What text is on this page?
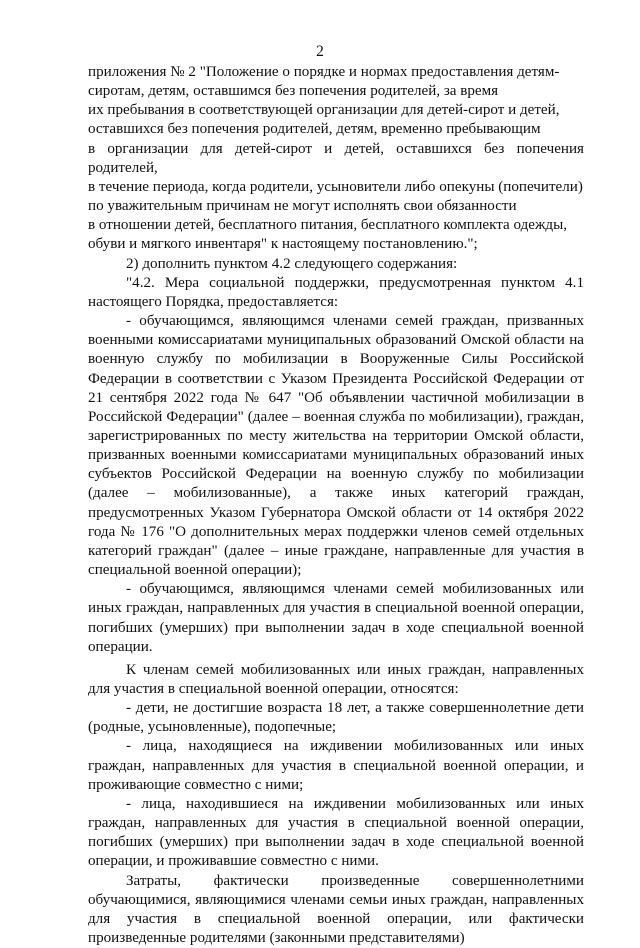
2

приложения № 2 "Положение о порядке и нормах предоставления детям-
сиротам, детям, оставшимся без попечения родителей, за время
их пребывания в соответствующей организации для детей-сирот и детей,
оставшихся без попечения родителей, детям, временно пребывающим
в организации для детей-сирот и детей, оставшихся без попечения родителей,
в течение периода, когда родители, усыновители либо опекуны (попечители)
по уважительным причинам не могут исполнять свои обязанности
в отношении детей, бесплатного питания, бесплатного комплекта одежды,
обуви и мягкого инвентаря" к настоящему постановлению.";

2) дополнить пунктом 4.2 следующего содержания:

"4.2. Мера социальной поддержки, предусмотренная пунктом 4.1 настоящего Порядка, предоставляется:

- обучающимся, являющимся членами семей граждан, призванных военными комиссариатами муниципальных образований Омской области на военную службу по мобилизации в Вооруженные Силы Российской Федерации в соответствии с Указом Президента Российской Федерации от 21 сентября 2022 года № 647 "Об объявлении частичной мобилизации в Российской Федерации" (далее – военная служба по мобилизации), граждан, зарегистрированных по месту жительства на территории Омской области, призванных военными комиссариатами муниципальных образований иных субъектов Российской Федерации на военную службу по мобилизации (далее – мобилизованные), а также иных категорий граждан, предусмотренных Указом Губернатора Омской области от 14 октября 2022 года № 176 "О дополнительных мерах поддержки членов семей отдельных категорий граждан" (далее – иные граждане, направленные для участия в специальной военной операции);

- обучающимся, являющимся членами семей мобилизованных или иных граждан, направленных для участия в специальной военной операции, погибших (умерших) при выполнении задач в ходе специальной военной операции.

К членам семей мобилизованных или иных граждан, направленных для участия в специальной военной операции, относятся:

- дети, не достигшие возраста 18 лет, а также совершеннолетние дети (родные, усыновленные), подопечные;

- лица, находящиеся на иждивении мобилизованных или иных граждан, направленных для участия в специальной военной операции, и проживающие совместно с ними;

- лица, находившиеся на иждивении мобилизованных или иных граждан, направленных для участия в специальной военной операции, погибших (умерших) при выполнении задач в ходе специальной военной операции, и проживавшие совместно с ними.

Затраты, фактически произведенные совершеннолетними обучающимися, являющимися членами семьи иных граждан, направленных для участия в специальной военной операции, или фактически произведенные родителями (законными представителями)
